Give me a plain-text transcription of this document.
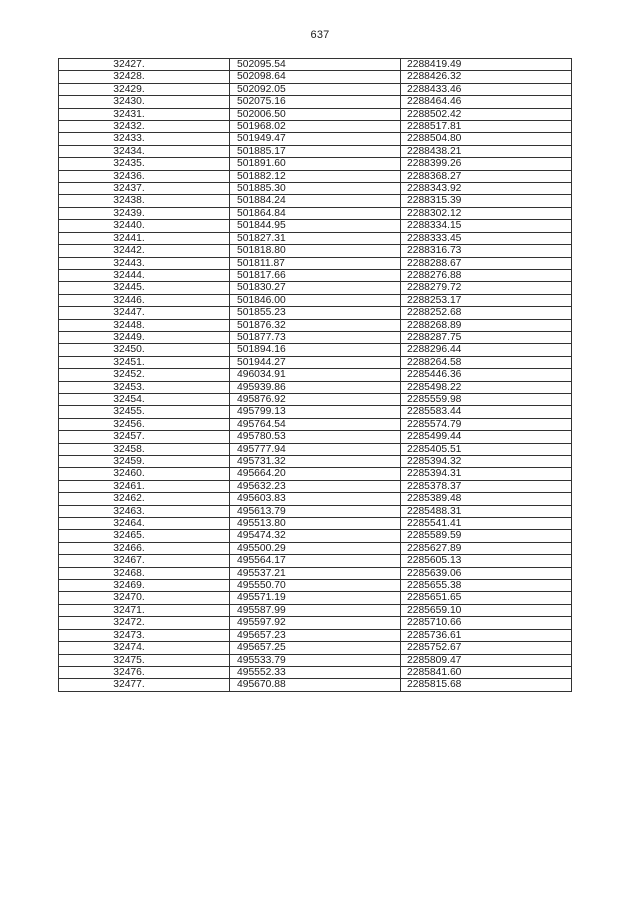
637
32427.	502095.54	2288419.49
32428.	502098.64	2288426.32
32429.	502092.05	2288433.46
32430.	502075.16	2288464.46
32431.	502006.50	2288502.42
32432.	501968.02	2288517.81
32433.	501949.47	2288504.80
32434.	501885.17	2288438.21
32435.	501891.60	2288399.26
32436.	501882.12	2288368.27
32437.	501885.30	2288343.92
32438.	501884.24	2288315.39
32439.	501864.84	2288302.12
32440.	501844.95	2288334.15
32441.	501827.31	2288333.45
32442.	501818.80	2288316.73
32443.	501811.87	2288288.67
32444.	501817.66	2288276.88
32445.	501830.27	2288279.72
32446.	501846.00	2288253.17
32447.	501855.23	2288252.68
32448.	501876.32	2288268.89
32449.	501877.73	2288287.75
32450.	501894.16	2288296.44
32451.	501944.27	2288264.58
32452.	496034.91	2285446.36
32453.	495939.86	2285498.22
32454.	495876.92	2285559.98
32455.	495799.13	2285583.44
32456.	495764.54	2285574.79
32457.	495780.53	2285499.44
32458.	495777.94	2285405.51
32459.	495731.32	2285394.32
32460.	495664.20	2285394.31
32461.	495632.23	2285378.37
32462.	495603.83	2285389.48
32463.	495613.79	2285488.31
32464.	495513.80	2285541.41
32465.	495474.32	2285589.59
32466.	495500.29	2285627.89
32467.	495564.17	2285605.13
32468.	495537.21	2285639.06
32469.	495550.70	2285655.38
32470.	495571.19	2285651.65
32471.	495587.99	2285659.10
32472.	495597.92	2285710.66
32473.	495657.23	2285736.61
32474.	495657.25	2285752.67
32475.	495533.79	2285809.47
32476.	495552.33	2285841.60
32477.	495670.88	2285815.68
